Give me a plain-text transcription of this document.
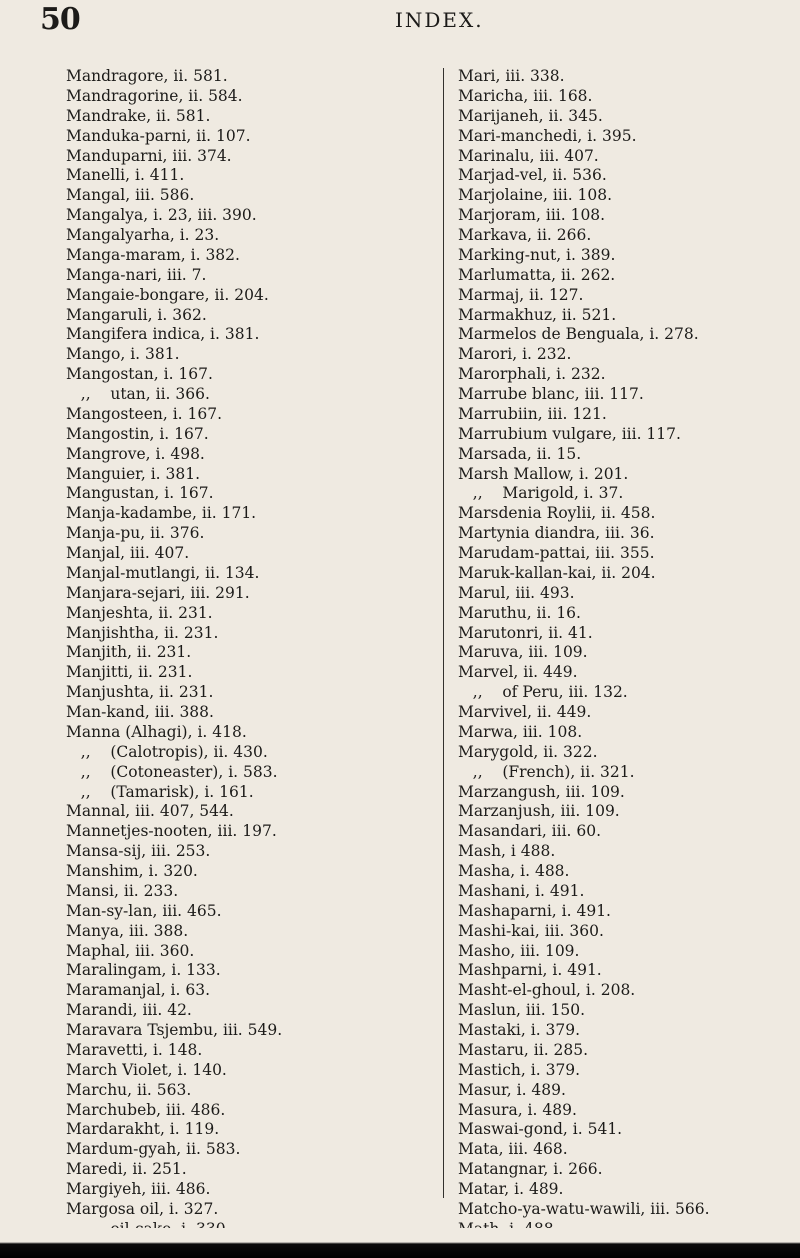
50	INDEX.
Mandragore, ii. 581.
Mandragorine, ii. 584.
Mandrake, ii. 581.
Manduka-parni, ii. 107.
Manduparni, iii. 374.
Manelli, i. 411.
Mangal, iii. 586.
Mangalya, i. 23, iii. 390.
Mangalyarha, i. 23.
Manga-maram, i. 382.
Manga-nari, iii. 7.
Mangaie-bongare, ii. 204.
Mangaruli, i. 362.
Mangifera indica, i. 381.
Mango, i. 381.
Mangostan, i. 167.
,,    utan, ii. 366.
Mangosteen, i. 167.
Mangostin, i. 167.
Mangrove, i. 498.
Manguier, i. 381.
Mangustan, i. 167.
Manja-kadambe, ii. 171.
Manja-pu, ii. 376.
Manjal, iii. 407.
Manjal-mutlangi, ii. 134.
Manjara-sejari, iii. 291.
Manjeshta, ii. 231.
Manjishtha, ii. 231.
Manjith, ii. 231.
Manjitti, ii. 231.
Manjushta, ii. 231.
Man-kand, iii. 388.
Manna (Alhagi), i. 418.
,,    (Calotropis), ii. 430.
,,    (Cotoneaster), i. 583.
,,    (Tamarisk), i. 161.
Mannal, iii. 407, 544.
Mannetjes-nooten, iii. 197.
Mansa-sij, iii. 253.
Manshim, i. 320.
Mansi, ii. 233.
Man-sy-lan, iii. 465.
Manya, iii. 388.
Maphal, iii. 360.
Maralingam, i. 133.
Maramanjal, i. 63.
Marandi, iii. 42.
Maravara Tsjembu, iii. 549.
Maravetti, i. 148.
March Violet, i. 140.
Marchu, ii. 563.
Marchubeb, iii. 486.
Mardarakht, i. 119.
Mardum-gyah, ii. 583.
Maredi, ii. 251.
Margiyeh, iii. 486.
Margosa oil, i. 327.
Mari, iii. 338.
Maricha, iii. 168.
Marijaneh, ii. 345.
Mari-manchedi, i. 395.
Marinalu, iii. 407.
Marjad-vel, ii. 536.
Marjolaine, iii. 108.
Marjoram, iii. 108.
Markava, ii. 266.
Marking-nut, i. 389.
Marlumatta, ii. 262.
Marmaj, ii. 127.
Marmakhuz, ii. 521.
Marmelos de Benguala, i. 278.
Marori, i. 232.
Marorphali, i. 232.
Marrube blanc, iii. 117.
Marrubiin, iii. 121.
Marrubium vulgare, iii. 117.
Marsada, ii. 15.
Marsh Mallow, i. 201.
,,    Marigold, i. 37.
Marsdenia Roylii, ii. 458.
Martynia diandra, iii. 36.
Marudam-pattai, iii. 355.
Maruk-kallan-kai, ii. 204.
Marul, iii. 493.
Maruthu, ii. 16.
Marutonri, ii. 41.
Maruva, iii. 109.
Marvel, ii. 449.
,,    of Peru, iii. 132.
Marvivel, ii. 449.
Marwa, iii. 108.
Marygold, ii. 322.
,,    (French), ii. 321.
Marzangush, iii. 109.
Marzanjush, iii. 109.
Masandari, iii. 60.
Mash, i 488.
Masha, i. 488.
Mashani, i. 491.
Mashaparni, i. 491.
Mashi-kai, iii. 360.
Masho, iii. 109.
Mashparni, i. 491.
Masht-el-ghoul, i. 208.
Maslun, iii. 150.
Mastaki, i. 379.
Mastaru, ii. 285.
Mastich, i. 379.
Masur, i. 489.
Masura, i. 489.
Maswai-gond, i. 541.
Mata, iii. 468.
Matangnar, i. 266.
Matar, i. 489.
Matcho-ya-watu-wawili, iii. 566.
